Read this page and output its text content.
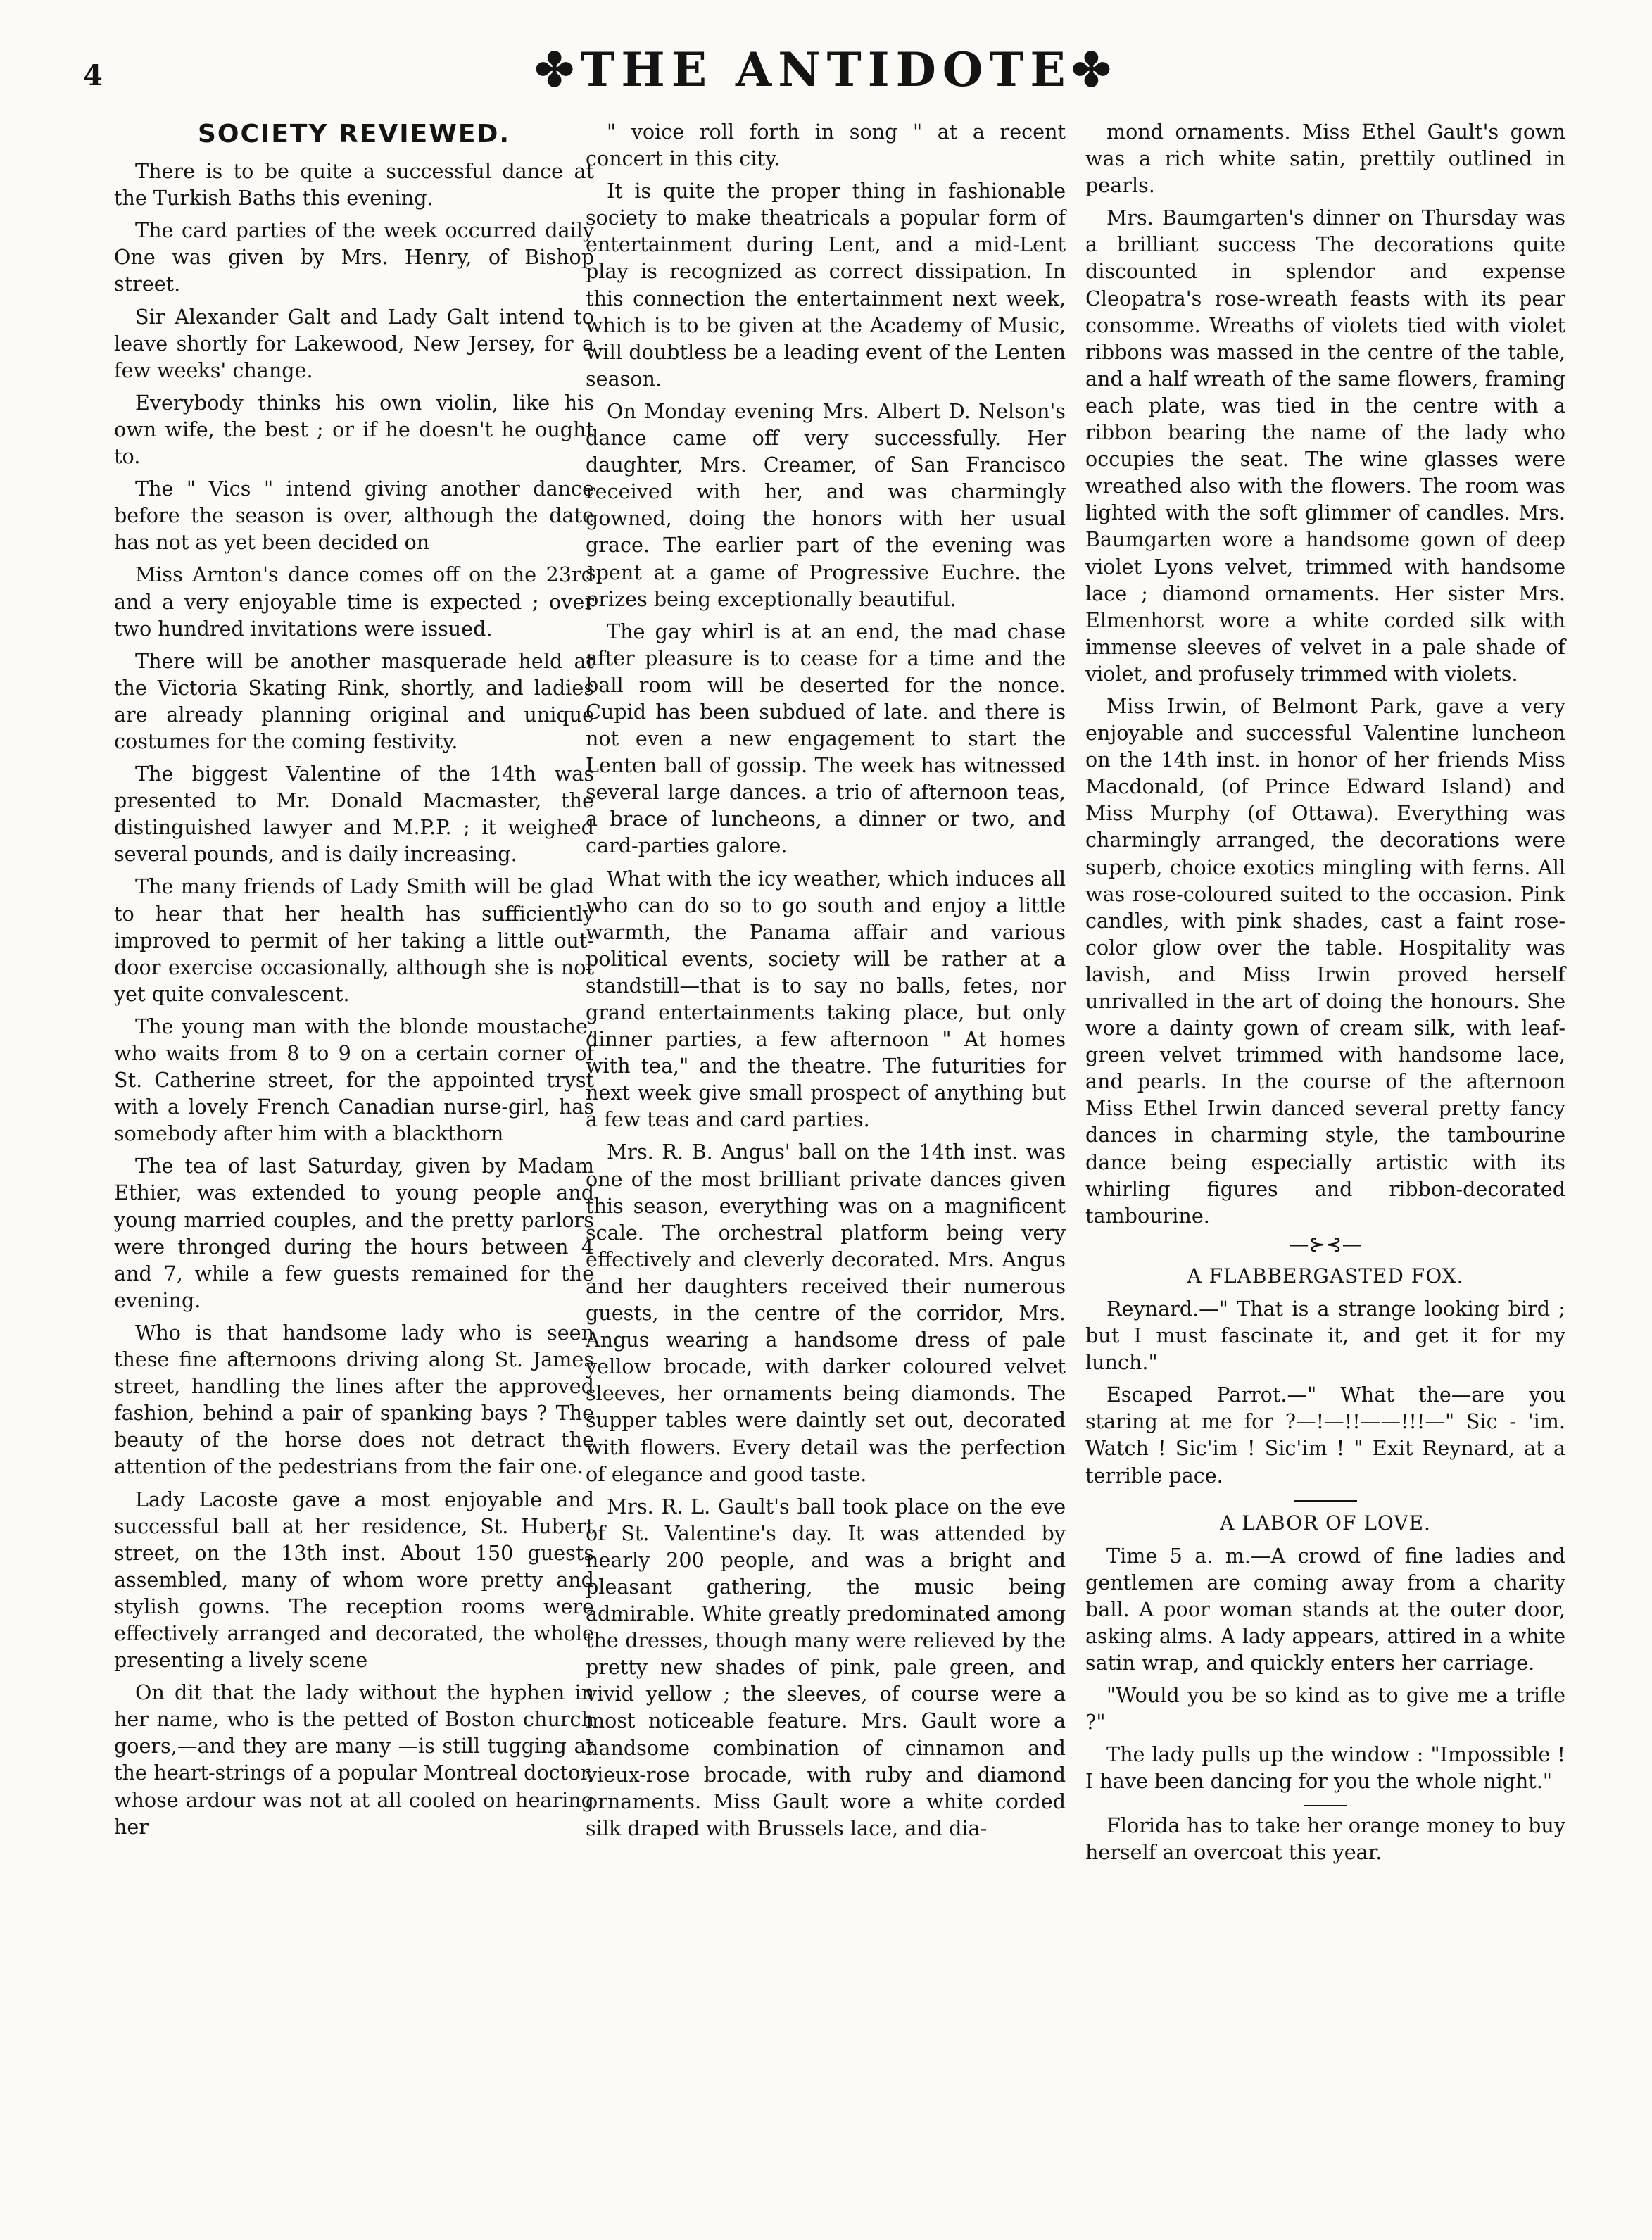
4	✤THE ANTIDOTE✤
SOCIETY REVIEWED.

There is to be quite a successful dance at the Turkish Baths this evening.

The card parties of the week occurred daily One was given by Mrs. Henry, of Bishop street.

Sir Alexander Galt and Lady Galt intend to leave shortly for Lakewood, New Jersey, for a few weeks' change.

Everybody thinks his own violin, like his own wife, the best ; or if he doesn't he ought to.

The " Vics " intend giving another dance before the season is over, although the date has not as yet been decided on

Miss Arnton's dance comes off on the 23rd and a very enjoyable time is expected ; over two hundred invitations were issued.

There will be another masquerade held at the Victoria Skating Rink, shortly, and ladies are already planning original and unique costumes for the coming festivity.

The biggest Valentine of the 14th was presented to Mr. Donald Macmaster, the distinguished lawyer and M.P.P. ; it weighed several pounds, and is daily increasing.

The many friends of Lady Smith will be glad to hear that her health has sufficiently improved to permit of her taking a little out-door exercise occasionally, although she is not yet quite convalescent.

The young man with the blonde moustache, who waits from 8 to 9 on a certain corner of St. Catherine street, for the appointed tryst with a lovely French Canadian nurse-girl, has somebody after him with a blackthorn

The tea of last Saturday, given by Madam Ethier, was extended to young people and young married couples, and the pretty parlors were thronged during the hours between 4 and 7, while a few guests remained for the evening.

Who is that handsome lady who is seen these fine afternoons driving along St. James street, handling the lines after the approved fashion, behind a pair of spanking bays ? The beauty of the horse does not detract the attention of the pedestrians from the fair one.

Lady Lacoste gave a most enjoyable and successful ball at her residence, St. Hubert street, on the 13th inst. About 150 guests assembled, many of whom wore pretty and stylish gowns. The reception rooms were effectively arranged and decorated, the whole presenting a lively scene

On dit that the lady without the hyphen in her name, who is the petted of Boston church goers,—and they are many —is still tugging at the heart-strings of a popular Montreal doctor, whose ardour was not at all cooled on hearing her

" voice roll forth in song " at a recent concert in this city.

It is quite the proper thing in fashionable society to make theatricals a popular form of entertainment during Lent, and a mid-Lent play is recognized as correct dissipation. In this connection the entertainment next week, which is to be given at the Academy of Music, will doubtless be a leading event of the Lenten season.

On Monday evening Mrs. Albert D. Nelson's dance came off very successfully. Her daughter, Mrs. Creamer, of San Francisco received with her, and was charmingly gowned, doing the honors with her usual grace. The earlier part of the evening was spent at a game of Progressive Euchre. the prizes being exceptionally beautiful.

The gay whirl is at an end, the mad chase after pleasure is to cease for a time and the ball room will be deserted for the nonce. Cupid has been subdued of late. and there is not even a new engagement to start the Lenten ball of gossip. The week has witnessed several large dances. a trio of afternoon teas, a brace of luncheons, a dinner or two, and card-parties galore.

What with the icy weather, which induces all who can do so to go south and enjoy a little warmth, the Panama affair and various political events, society will be rather at a standstill—that is to say no balls, fetes, nor grand entertainments taking place, but only dinner parties, a few afternoon " At homes with tea," and the theatre. The futurities for next week give small prospect of anything but a few teas and card parties.

Mrs. R. B. Angus' ball on the 14th inst. was one of the most brilliant private dances given this season, everything was on a magnificent scale. The orchestral platform being very effectively and cleverly decorated. Mrs. Angus and her daughters received their numerous guests, in the centre of the corridor, Mrs. Angus wearing a handsome dress of pale yellow brocade, with darker coloured velvet sleeves, her ornaments being diamonds. The supper tables were daintly set out, decorated with flowers. Every detail was the perfection of elegance and good taste.

Mrs. R. L. Gault's ball took place on the eve of St. Valentine's day. It was attended by nearly 200 people, and was a bright and pleasant gathering, the music being admirable. White greatly predominated among the dresses, though many were relieved by the pretty new shades of pink, pale green, and vivid yellow ; the sleeves, of course were a most noticeable feature. Mrs. Gault wore a handsome combination of cinnamon and vieux-rose brocade, with ruby and diamond ornaments. Miss Gault wore a white corded silk draped with Brussels lace, and dia-

mond ornaments. Miss Ethel Gault's gown was a rich white satin, prettily outlined in pearls.

Mrs. Baumgarten's dinner on Thursday was a brilliant success The decorations quite discounted in splendor and expense Cleopatra's rose-wreath feasts with its pear consomme. Wreaths of violets tied with violet ribbons was massed in the centre of the table, and a half wreath of the same flowers, framing each plate, was tied in the centre with a ribbon bearing the name of the lady who occupies the seat. The wine glasses were wreathed also with the flowers. The room was lighted with the soft glimmer of candles. Mrs. Baumgarten wore a handsome gown of deep violet Lyons velvet, trimmed with handsome lace ; diamond ornaments. Her sister Mrs. Elmenhorst wore a white corded silk with immense sleeves of velvet in a pale shade of violet, and profusely trimmed with violets.

Miss Irwin, of Belmont Park, gave a very enjoyable and successful Valentine luncheon on the 14th inst. in honor of her friends Miss Macdonald, (of Prince Edward Island) and Miss Murphy (of Ottawa). Everything was charmingly arranged, the decorations were superb, choice exotics mingling with ferns. All was rose-coloured suited to the occasion. Pink candles, with pink shades, cast a faint rose-color glow over the table. Hospitality was lavish, and Miss Irwin proved herself unrivalled in the art of doing the honours. She wore a dainty gown of cream silk, with leaf-green velvet trimmed with handsome lace, and pearls. In the course of the afternoon Miss Ethel Irwin danced several pretty fancy dances in charming style, the tambourine dance being especially artistic with its whirling figures and ribbon-decorated tambourine.

—⊱⊰—
A FLABBERGASTED FOX.

Reynard.—" That is a strange looking bird ; but I must fascinate it, and get it for my lunch."

Escaped Parrot.—" What the—are you staring at me for ?—!—!!——!!!—" Sic - 'im. Watch ! Sic'im ! Sic'im ! " Exit Reynard, at a terrible pace.

A LABOR OF LOVE.

Time 5 a. m.—A crowd of fine ladies and gentlemen are coming away from a charity ball. A poor woman stands at the outer door, asking alms. A lady appears, attired in a white satin wrap, and quickly enters her carriage.

"Would you be so kind as to give me a trifle ?"

The lady pulls up the window : "Impossible ! I have been dancing for you the whole night."

Florida has to take her orange money to buy herself an overcoat this year.
